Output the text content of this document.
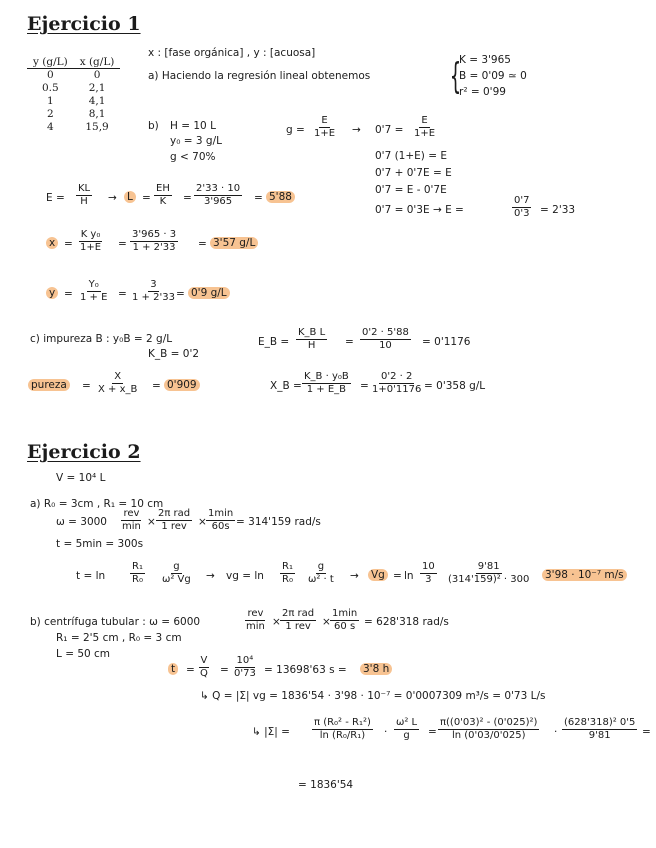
Ejercicio 1
y (g/L)	x (g/L)
0	0
0.5	2,1
1	4,1
2	8,1
4	15,9
x : [fase orgánica] , y : [acuosa]
a) Haciendo la regresión lineal obtenemos {
K = 3'965
B = 0'09 ≃ 0
r² = 0'99
b) H = 10 L
y₀ = 3 g/L
g < 70%
$g = \frac{E}{1+E} \to 0'7 = \frac{E}{1+E}$
0'7 (1+E) = E
0'7 + 0'7E = E
0'7 = E - 0'7E
0'7 = 0'3E → E =	$\frac{0'7}{0'3} = 2'33$
$E = \frac{KL}{H} \to L = \frac{EH}{K} = \frac{2'33 \cdot 10}{3'965} = 5'88$
$x = \frac{\text{K y₀}}{1+E} = \frac{3'965 \cdot 3}{1 + 2'33} = 3'57$ g/L
$y = \frac{\text{Y₀}}{1 + E} = \frac{3}{1 + 2'33} = 0'9$ g/L
c) impureza B : y₀B = 2 g/L
K_B = 0'2
E_B = $\frac{\text{K\_B L}}{H} = \frac{0'2 \cdot 5'88}{10} = 0'1176$
pureza = $\frac{X}{X + x\_B} = 0'909$	X_B = $\frac{\text{K\_B · y₀B}}{1 + E\_B} = \frac{0'2 \cdot 2}{1+0'1176} = 0'358$ g/L
Ejercicio 2
V = 10⁴ L
a) R₀ = 3cm , R₁ = 10 cm
ω = 3000
rev
min ×
2π rad
1 rev ×
1min
60s = 314'159 rad/s
t = 5min = 300s
$t = \ln \frac{\text{R₁}}{\text{R₀}} \frac{g}{\text{ω² Vg}}$ → vg = $\ln \frac{\text{R₁}}{\text{R₀}} \frac{g}{\text{ω² · t}} \to Vg = \ln \frac{10}{3} \frac{9'81}{\text{(314'159)² · 300}} 3'98 \cdot 10^{-7}$ m/s
b) centrífuga tubular : ω = 6000
rev
min ×
2π rad
1 rev ×
1min
60 s = 628'318 rad/s
R₁ = 2'5 cm , R₀ = 3 cm
L = 50 cm
$t = \frac{V}{Q} = \frac{\text{10⁴}}{0'73} = 13698'63$ s = 3'8 h
↳ Q = |Σ| vg = 1836'54 · 3'98 · 10⁻⁷ = 0'0007309 m³/s = 0'73 L/s
↳ $|\Sigma| = \frac{\text{π (R₀² - R₁²)}}{\text{ln (R₀/R₁)}} \cdot \frac{\text{ω² L}}{g} = \frac{\text{π((0'03)² - (0'025)²)}}{\ln (0'03/0'025)} \cdot \frac{\text{(628'318)² 0'5}}{9'81}$ =
= 1836'54
